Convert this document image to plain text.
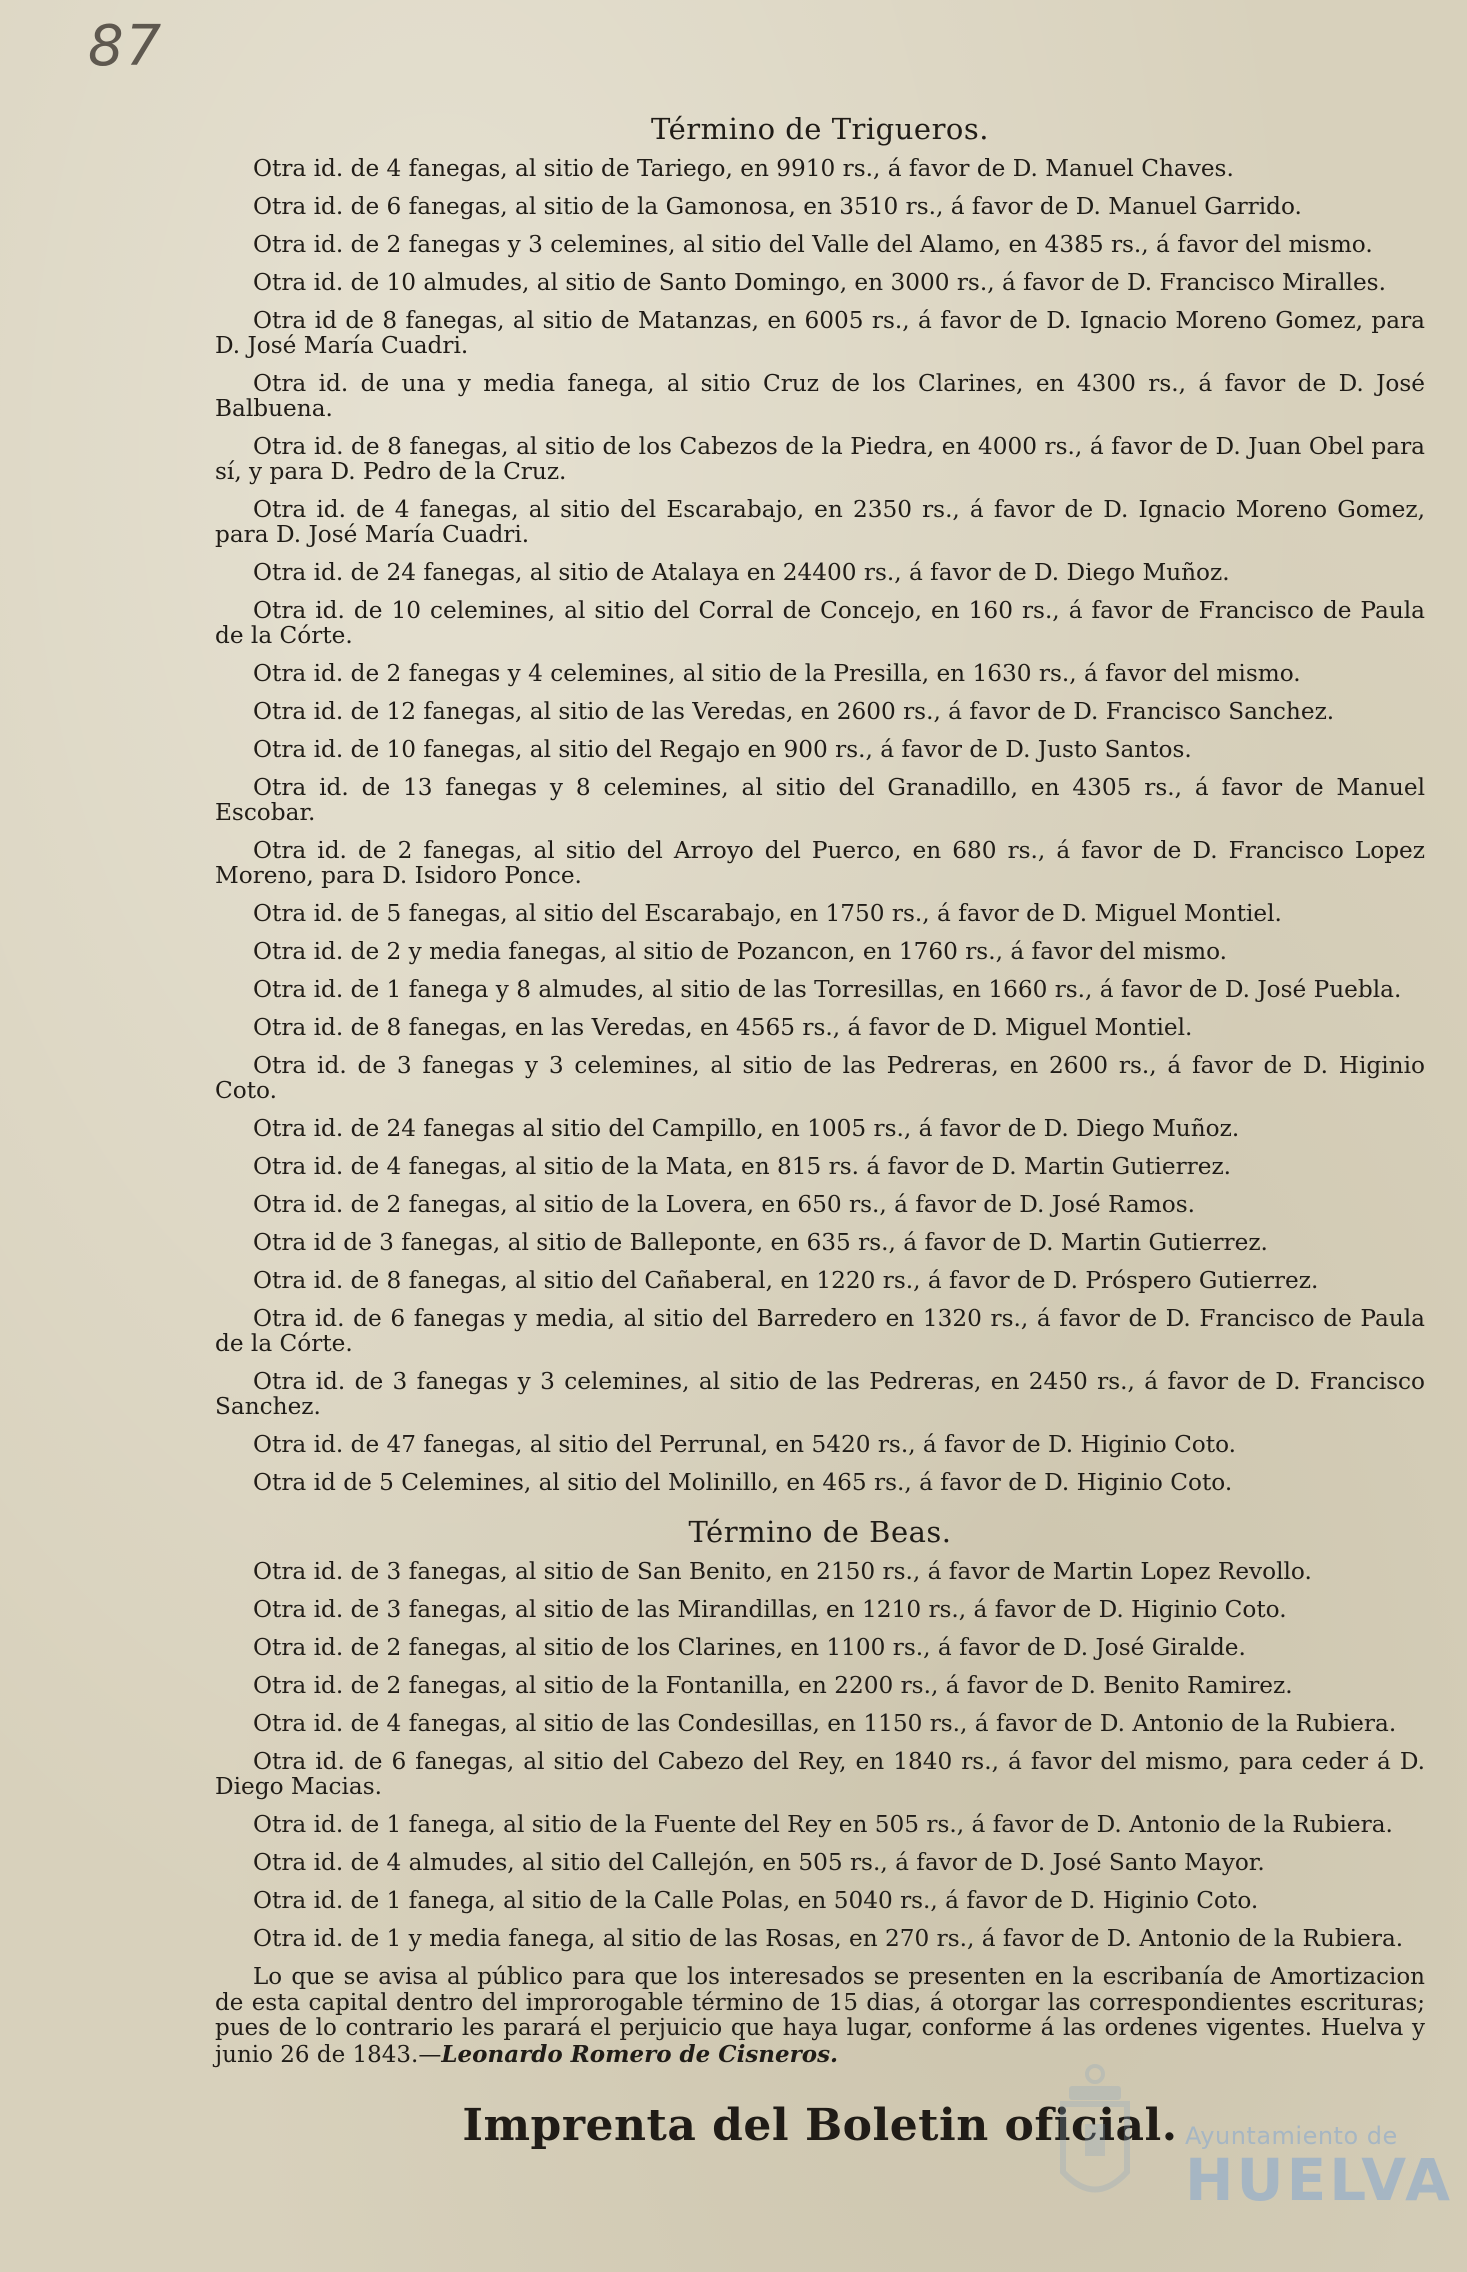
87
Término de Trigueros.

Otra id. de 4 fanegas, al sitio de Tariego, en 9910 rs., á favor de D. Manuel Chaves.

Otra id. de 6 fanegas, al sitio de la Gamonosa, en 3510 rs., á favor de D. Manuel Garrido.

Otra id. de 2 fanegas y 3 celemines, al sitio del Valle del Alamo, en 4385 rs., á favor del mismo.

Otra id. de 10 almudes, al sitio de Santo Domingo, en 3000 rs., á favor de D. Francisco Miralles.

Otra id de 8 fanegas, al sitio de Matanzas, en 6005 rs., á favor de D. Ignacio Moreno Gomez, para D. José María Cuadri.

Otra id. de una y media fanega, al sitio Cruz de los Clarines, en 4300 rs., á favor de D. José Balbuena.

Otra id. de 8 fanegas, al sitio de los Cabezos de la Piedra, en 4000 rs., á favor de D. Juan Obel para sí, y para D. Pedro de la Cruz.

Otra id. de 4 fanegas, al sitio del Escarabajo, en 2350 rs., á favor de D. Ignacio Moreno Gomez, para D. José María Cuadri.

Otra id. de 24 fanegas, al sitio de Atalaya en 24400 rs., á favor de D. Diego Muñoz.

Otra id. de 10 celemines, al sitio del Corral de Concejo, en 160 rs., á favor de Francisco de Paula de la Córte.

Otra id. de 2 fanegas y 4 celemines, al sitio de la Presilla, en 1630 rs., á favor del mismo.

Otra id. de 12 fanegas, al sitio de las Veredas, en 2600 rs., á favor de D. Francisco Sanchez.

Otra id. de 10 fanegas, al sitio del Regajo en 900 rs., á favor de D. Justo Santos.

Otra id. de 13 fanegas y 8 celemines, al sitio del Granadillo, en 4305 rs., á favor de Manuel Escobar.

Otra id. de 2 fanegas, al sitio del Arroyo del Puerco, en 680 rs., á favor de D. Francisco Lopez Moreno, para D. Isidoro Ponce.

Otra id. de 5 fanegas, al sitio del Escarabajo, en 1750 rs., á favor de D. Miguel Montiel.

Otra id. de 2 y media fanegas, al sitio de Pozancon, en 1760 rs., á favor del mismo.

Otra id. de 1 fanega y 8 almudes, al sitio de las Torresillas, en 1660 rs., á favor de D. José Puebla.

Otra id. de 8 fanegas, en las Veredas, en 4565 rs., á favor de D. Miguel Montiel.

Otra id. de 3 fanegas y 3 celemines, al sitio de las Pedreras, en 2600 rs., á favor de D. Higinio Coto.

Otra id. de 24 fanegas al sitio del Campillo, en 1005 rs., á favor de D. Diego Muñoz.

Otra id. de 4 fanegas, al sitio de la Mata, en 815 rs. á favor de D. Martin Gutierrez.

Otra id. de 2 fanegas, al sitio de la Lovera, en 650 rs., á favor de D. José Ramos.

Otra id de 3 fanegas, al sitio de Balleponte, en 635 rs., á favor de D. Martin Gutierrez.

Otra id. de 8 fanegas, al sitio del Cañaberal, en 1220 rs., á favor de D. Próspero Gutierrez.

Otra id. de 6 fanegas y media, al sitio del Barredero en 1320 rs., á favor de D. Francisco de Paula de la Córte.

Otra id. de 3 fanegas y 3 celemines, al sitio de las Pedreras, en 2450 rs., á favor de D. Francisco Sanchez.

Otra id. de 47 fanegas, al sitio del Perrunal, en 5420 rs., á favor de D. Higinio Coto.

Otra id de 5 Celemines, al sitio del Molinillo, en 465 rs., á favor de D. Higinio Coto.

Término de Beas.

Otra id. de 3 fanegas, al sitio de San Benito, en 2150 rs., á favor de Martin Lopez Revollo.

Otra id. de 3 fanegas, al sitio de las Mirandillas, en 1210 rs., á favor de D. Higinio Coto.

Otra id. de 2 fanegas, al sitio de los Clarines, en 1100 rs., á favor de D. José Giralde.

Otra id. de 2 fanegas, al sitio de la Fontanilla, en 2200 rs., á favor de D. Benito Ramirez.

Otra id. de 4 fanegas, al sitio de las Condesillas, en 1150 rs., á favor de D. Antonio de la Rubiera.

Otra id. de 6 fanegas, al sitio del Cabezo del Rey, en 1840 rs., á favor del mismo, para ceder á D. Diego Macias.

Otra id. de 1 fanega, al sitio de la Fuente del Rey en 505 rs., á favor de D. Antonio de la Rubiera.

Otra id. de 4 almudes, al sitio del Callejón, en 505 rs., á favor de D. José Santo Mayor.

Otra id. de 1 fanega, al sitio de la Calle Polas, en 5040 rs., á favor de D. Higinio Coto.

Otra id. de 1 y media fanega, al sitio de las Rosas, en 270 rs., á favor de D. Antonio de la Rubiera.

Lo que se avisa al público para que los interesados se presenten en la escribanía de Amortizacion de esta capital dentro del improrogable término de 15 dias, á otorgar las correspondientes escrituras; pues de lo contrario les parará el perjuicio que haya lugar, conforme á las ordenes vigentes. Huelva y junio 26 de 1843.—Leonardo Romero de Cisneros.
Imprenta del Boletin oficial. Ayuntamiento de
HUELVA
